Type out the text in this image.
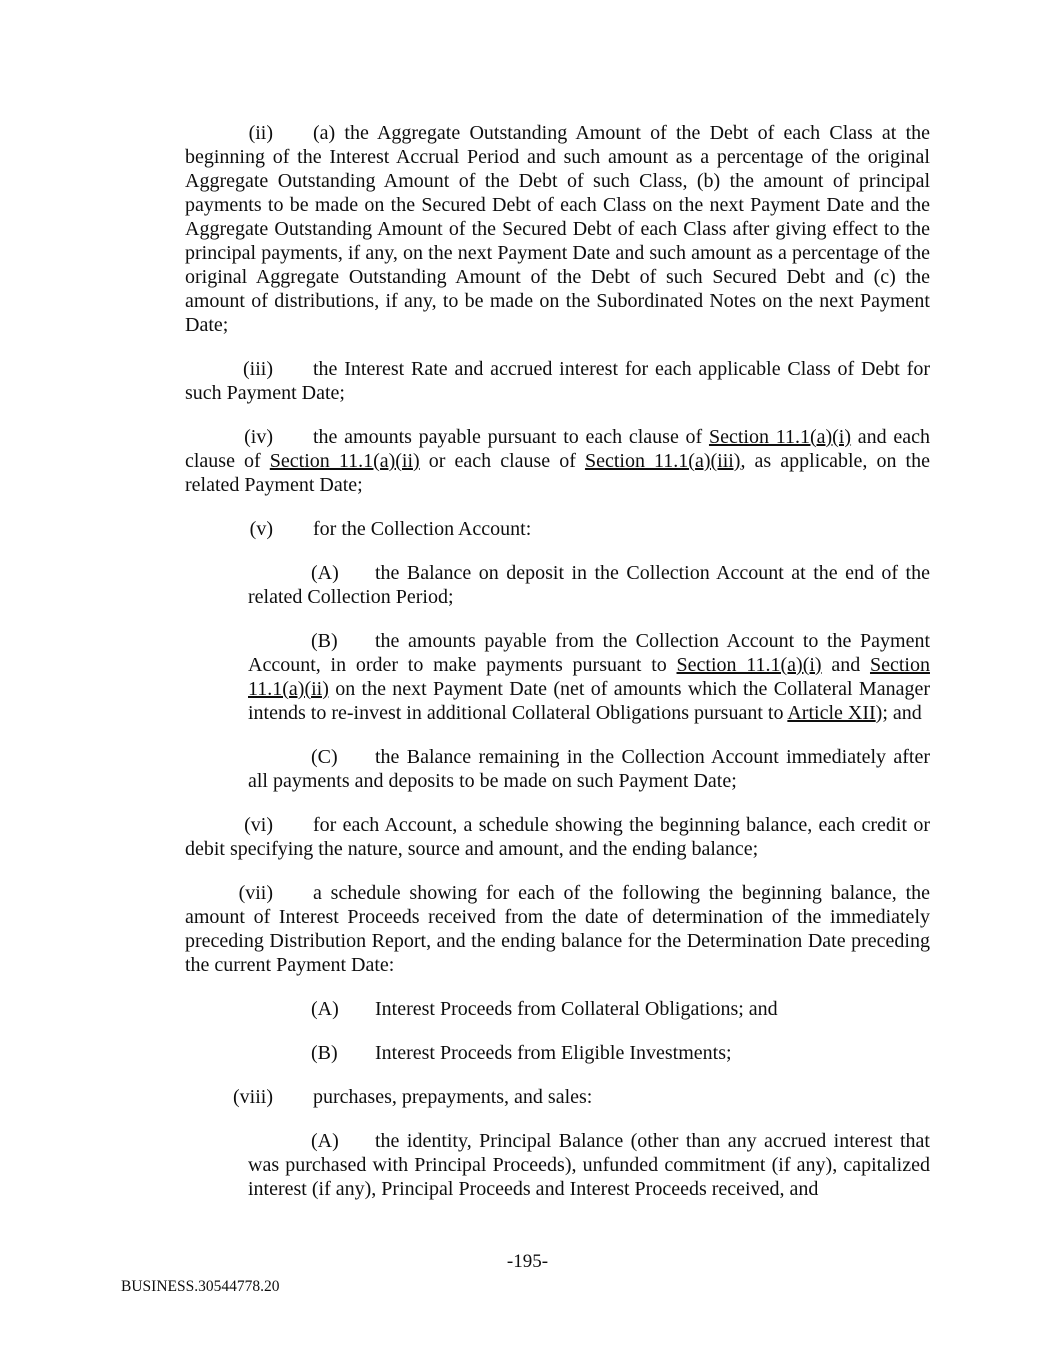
(ii) (a) the Aggregate Outstanding Amount of the Debt of each Class at the beginning of the Interest Accrual Period and such amount as a percentage of the original Aggregate Outstanding Amount of the Debt of such Class, (b) the amount of principal payments to be made on the Secured Debt of each Class on the next Payment Date and the Aggregate Outstanding Amount of the Secured Debt of each Class after giving effect to the principal payments, if any, on the next Payment Date and such amount as a percentage of the original Aggregate Outstanding Amount of the Debt of such Secured Debt and (c) the amount of distributions, if any, to be made on the Subordinated Notes on the next Payment Date;

(iii) the Interest Rate and accrued interest for each applicable Class of Debt for such Payment Date;

(iv) the amounts payable pursuant to each clause of Section 11.1(a)(i) and each clause of Section 11.1(a)(ii) or each clause of Section 11.1(a)(iii), as applicable, on the related Payment Date;

(v) for the Collection Account:

(A) the Balance on deposit in the Collection Account at the end of the related Collection Period;

(B) the amounts payable from the Collection Account to the Payment Account, in order to make payments pursuant to Section 11.1(a)(i) and Section 11.1(a)(ii) on the next Payment Date (net of amounts which the Collateral Manager intends to re-invest in additional Collateral Obligations pursuant to Article XII); and

(C) the Balance remaining in the Collection Account immediately after all payments and deposits to be made on such Payment Date;

(vi) for each Account, a schedule showing the beginning balance, each credit or debit specifying the nature, source and amount, and the ending balance;

(vii) a schedule showing for each of the following the beginning balance, the amount of Interest Proceeds received from the date of determination of the immediately preceding Distribution Report, and the ending balance for the Determination Date preceding the current Payment Date:

(A) Interest Proceeds from Collateral Obligations; and

(B) Interest Proceeds from Eligible Investments;

(viii) purchases, prepayments, and sales:

(A) the identity, Principal Balance (other than any accrued interest that was purchased with Principal Proceeds), unfunded commitment (if any), capitalized interest (if any), Principal Proceeds and Interest Proceeds received, and

-195-
BUSINESS.30544778.20
